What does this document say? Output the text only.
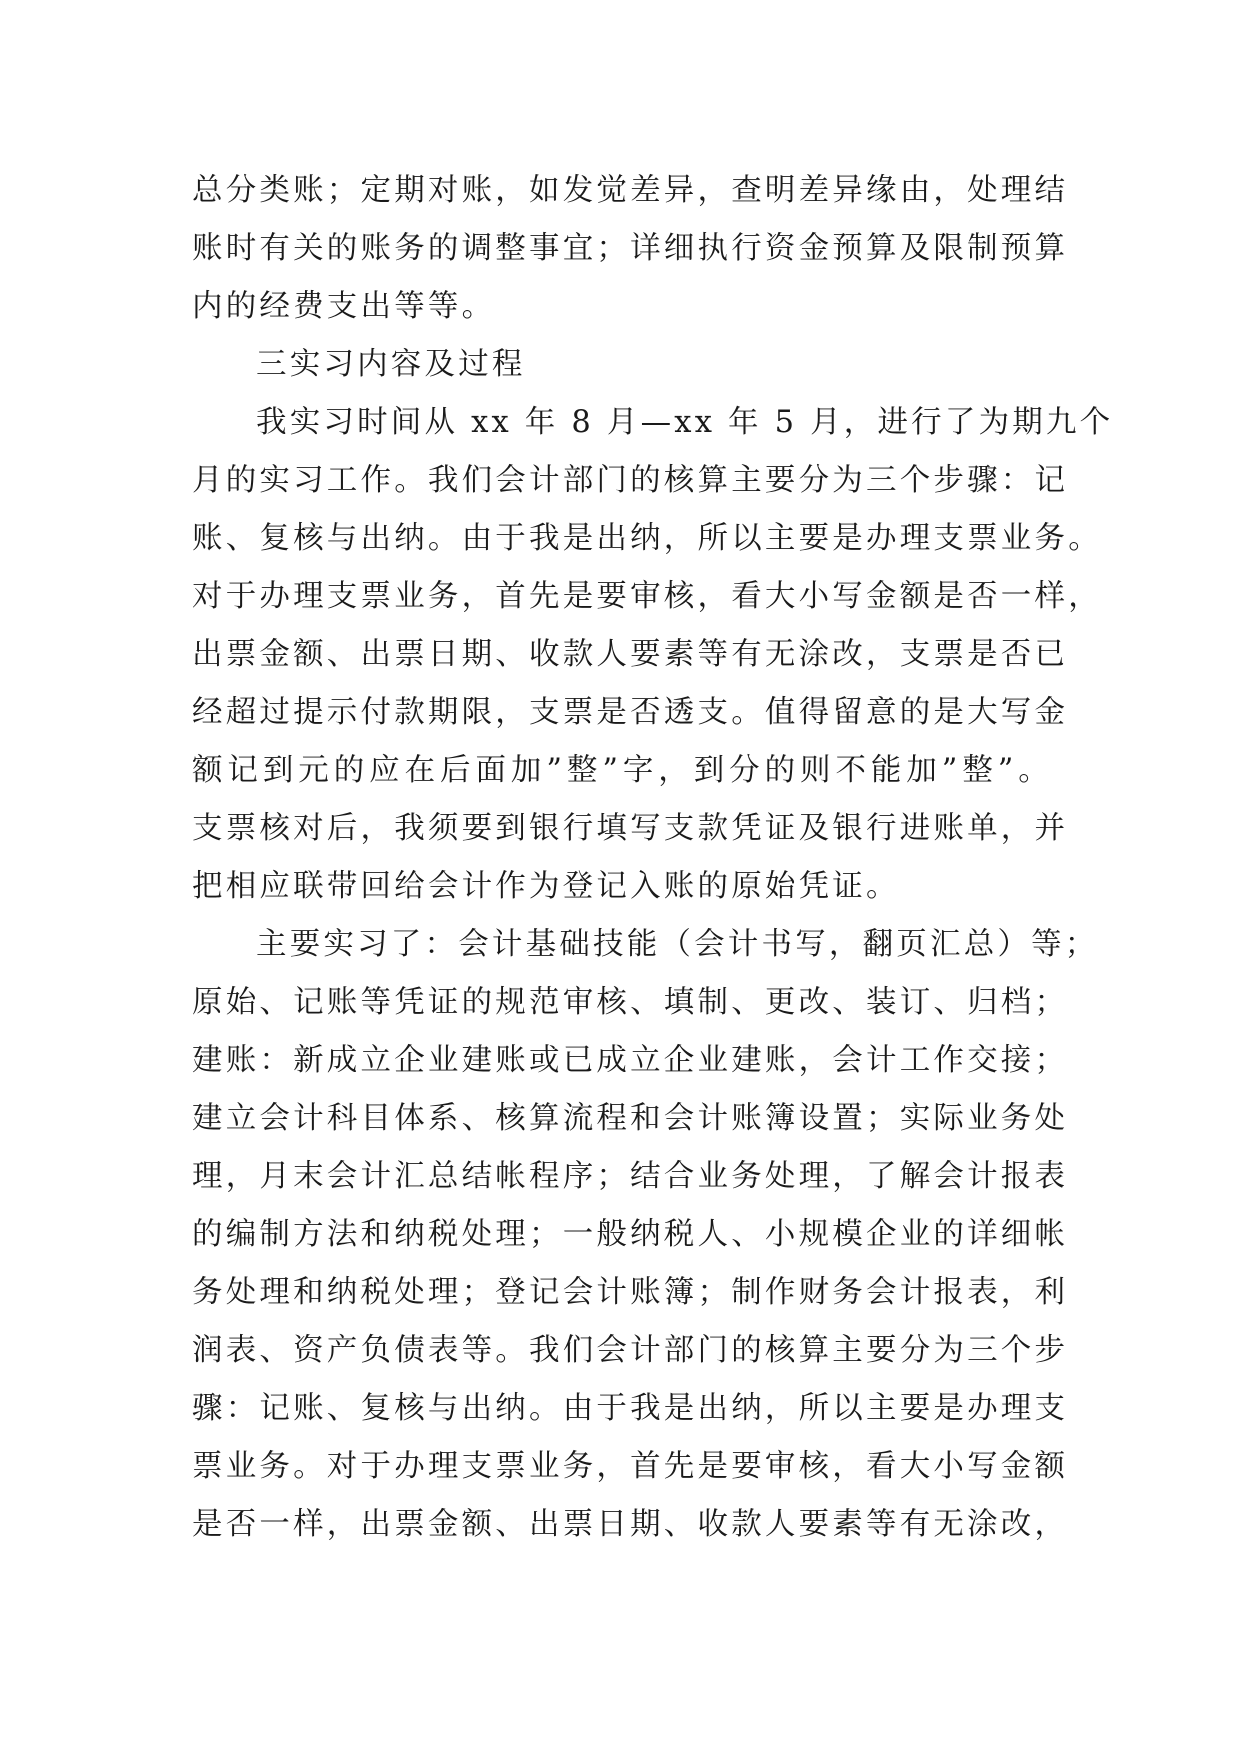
总分类账；定期对账，如发觉差异，查明差异缘由，处理结
账时有关的账务的调整事宜；详细执行资金预算及限制预算
内的经费支出等等。
三实习内容及过程
我实习时间从 xx 年 8 月—xx 年 5 月，进行了为期九个
月的实习工作。我们会计部门的核算主要分为三个步骤：记
账、复核与出纳。由于我是出纳，所以主要是办理支票业务。
对于办理支票业务，首先是要审核，看大小写金额是否一样，
出票金额、出票日期、收款人要素等有无涂改，支票是否已
经超过提示付款期限，支票是否透支。值得留意的是大写金
额记到元的应在后面加”整”字，到分的则不能加”整”。
支票核对后，我须要到银行填写支款凭证及银行进账单，并
把相应联带回给会计作为登记入账的原始凭证。
主要实习了：会计基础技能（会计书写，翻页汇总）等；
原始、记账等凭证的规范审核、填制、更改、装订、归档；
建账：新成立企业建账或已成立企业建账，会计工作交接；
建立会计科目体系、核算流程和会计账簿设置；实际业务处
理，月末会计汇总结帐程序；结合业务处理，了解会计报表
的编制方法和纳税处理；一般纳税人、小规模企业的详细帐
务处理和纳税处理；登记会计账簿；制作财务会计报表，利
润表、资产负债表等。我们会计部门的核算主要分为三个步
骤：记账、复核与出纳。由于我是出纳，所以主要是办理支
票业务。对于办理支票业务，首先是要审核，看大小写金额
是否一样，出票金额、出票日期、收款人要素等有无涂改，
